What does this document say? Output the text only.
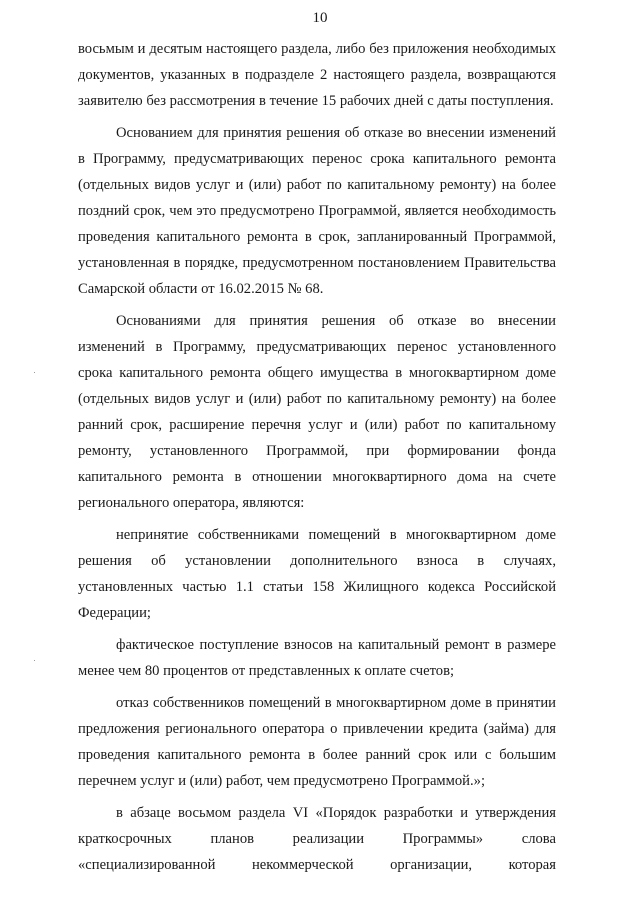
10

восьмым и десятым настоящего раздела, либо без приложения необходимых документов, указанных в подразделе 2 настоящего раздела, возвращаются заявителю без рассмотрения в течение 15 рабочих дней с даты поступления.

Основанием для принятия решения об отказе во внесении изменений в Программу, предусматривающих перенос срока капитального ремонта (отдельных видов услуг и (или) работ по капитальному ремонту) на более поздний срок, чем это предусмотрено Программой, является необходимость проведения капитального ремонта в срок, запланированный Программой, установленная в порядке, предусмотренном постановлением Правительства Самарской области от 16.02.2015 № 68.

Основаниями для принятия решения об отказе во внесении изменений в Программу, предусматривающих перенос установленного срока капитального ремонта общего имущества в многоквартирном доме (отдельных видов услуг и (или) работ по капитальному ремонту) на более ранний срок, расширение перечня услуг и (или) работ по капитальному ремонту, установленного Программой, при формировании фонда капитального ремонта в отношении многоквартирного дома на счете регионального оператора, являются:

непринятие собственниками помещений в многоквартирном доме решения об установлении дополнительного взноса в случаях, установленных частью 1.1 статьи 158 Жилищного кодекса Российской Федерации;

фактическое поступление взносов на капитальный ремонт в размере менее чем 80 процентов от представленных к оплате счетов;

отказ собственников помещений в многоквартирном доме в принятии предложения регионального оператора о привлечении кредита (займа) для проведения капитального ремонта в более ранний срок или с большим перечнем услуг и (или) работ, чем предусмотрено Программой.»;

в абзаце восьмом раздела VI «Порядок разработки и утверждения краткосрочных планов реализации Программы» слова «специализированной некоммерческой организации, которая
